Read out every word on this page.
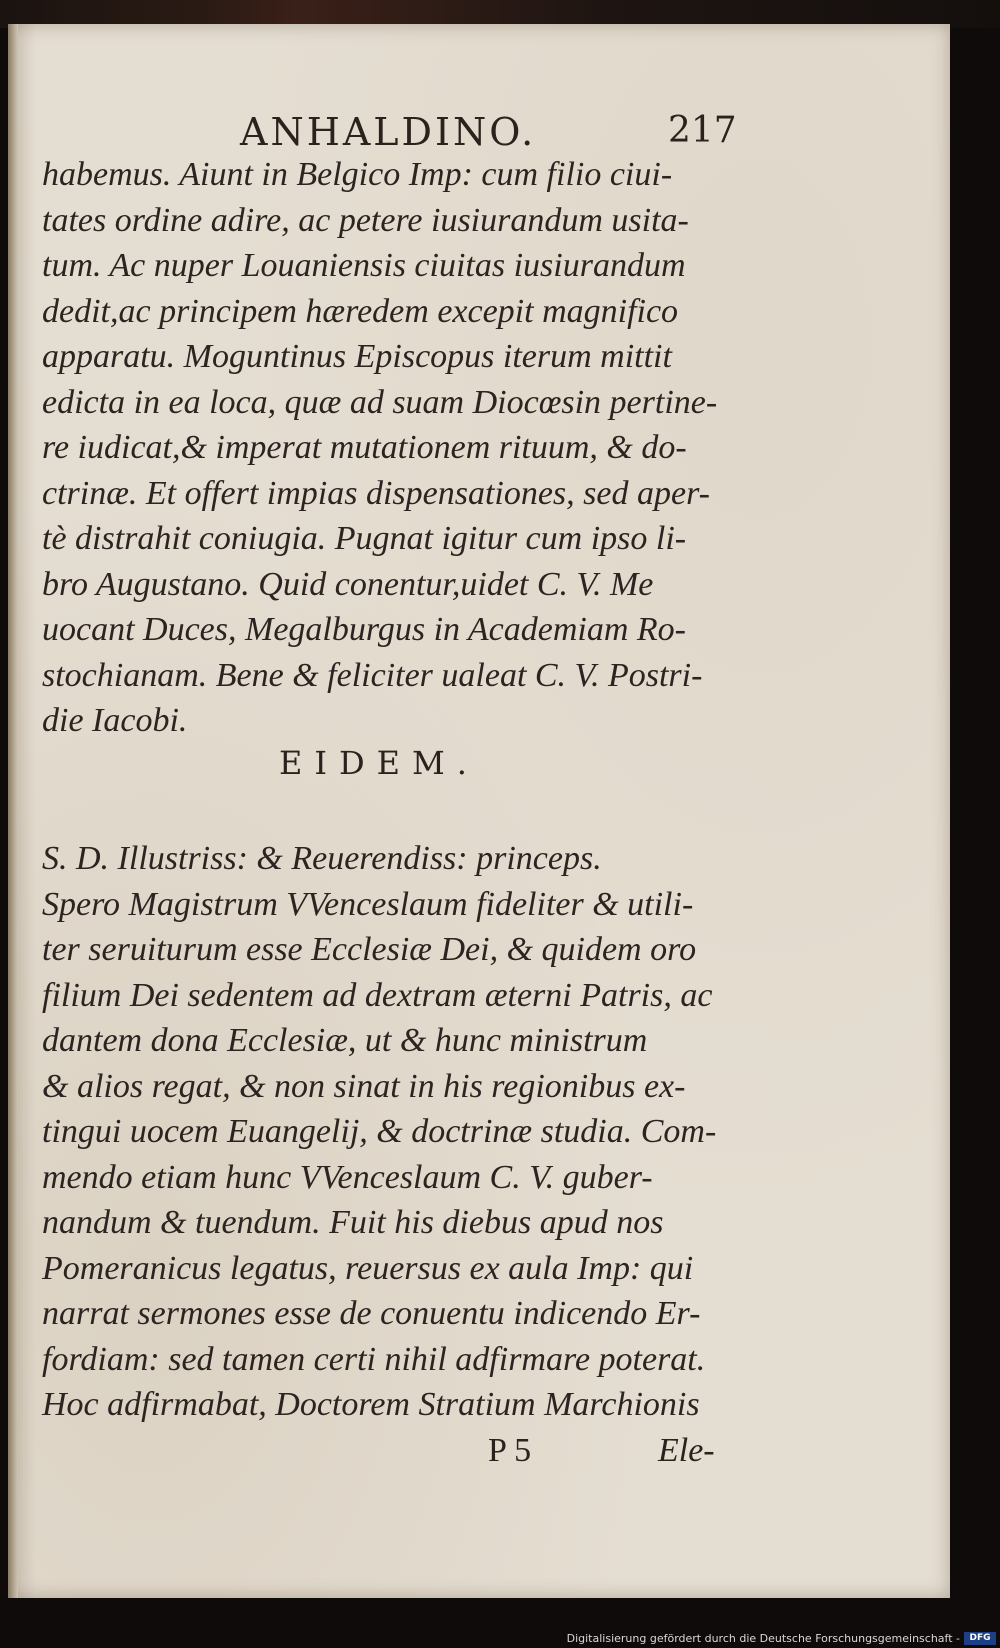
ANHALDINO.	217
habemus. Aiunt in Belgico Imp: cum filio ciui-
tates ordine adire, ac petere iusiurandum usita-
tum. Ac nuper Louaniensis ciuitas iusiurandum
dedit,ac principem hæredem excepit magnifico
apparatu. Moguntinus Episcopus iterum mittit
edicta in ea loca, quæ ad suam Diocœsin pertine-
re iudicat,& imperat mutationem rituum, & do-
ctrinæ. Et offert impias dispensationes, sed aper-
tè distrahit coniugia. Pugnat igitur cum ipso li-
bro Augustano. Quid conentur,uidet C. V. Me
uocant Duces, Megalburgus in Academiam Ro-
stochianam. Bene & feliciter ualeat C. V. Postri-
die Iacobi.
EIDEM.
S. D. Illustriss: & Reuerendiss: princeps.
Spero Magistrum VVenceslaum fideliter & utili-
ter seruiturum esse Ecclesiæ Dei, & quidem oro
filium Dei sedentem ad dextram æterni Patris, ac
dantem dona Ecclesiæ, ut & hunc ministrum
& alios regat, & non sinat in his regionibus ex-
tingui uocem Euangelij, & doctrinæ studia. Com-
mendo etiam hunc VVenceslaum C. V. guber-
nandum & tuendum. Fuit his diebus apud nos
Pomeranicus legatus, reuersus ex aula Imp: qui
narrat sermones esse de conuentu indicendo Er-
fordiam: sed tamen certi nihil adfirmare poterat.
Hoc adfirmabat, Doctorem Stratium Marchionis
P 5	Ele-
Digitalisierung gefördert durch die Deutsche Forschungsgemeinschaft -	DFG
